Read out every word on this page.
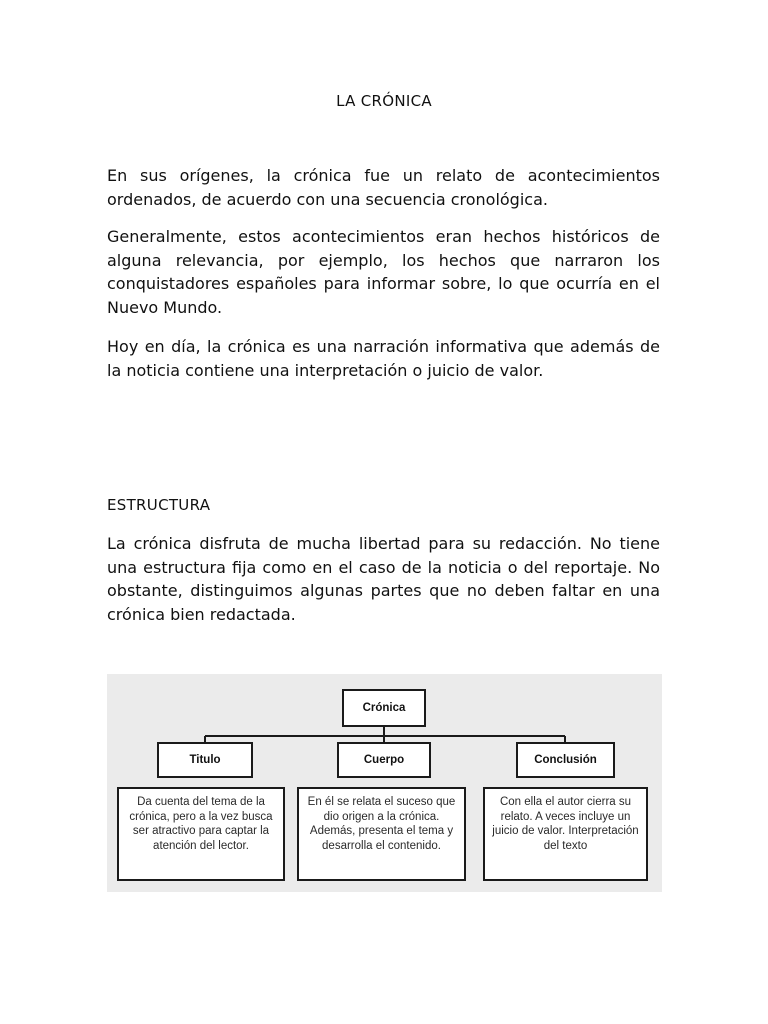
LA CRÓNICA

En sus orígenes, la crónica fue un relato de acontecimientos ordenados, de acuerdo con una secuencia cronológica.

Generalmente, estos acontecimientos eran hechos históricos de alguna relevancia, por ejemplo, los hechos que narraron los conquistadores españoles para informar sobre, lo que ocurría en el Nuevo Mundo.

Hoy en día, la crónica es una narración informativa que además de la noticia contiene una interpretación o juicio de valor.

ESTRUCTURA

La crónica disfruta de mucha libertad para su redacción. No tiene una estructura fija como en el caso de la noticia o del reportaje. No obstante, distinguimos algunas partes que no deben faltar en una crónica bien redactada.

Crónica
Titulo	Cuerpo	Conclusión
Da cuenta del tema de la crónica, pero a la vez busca ser atractivo para captar la atención del lector.
En él se relata el suceso que dio origen a la crónica. Además, presenta el tema y desarrolla el contenido.
Con ella el autor cierra su relato. A veces incluye un juicio de valor. Interpretación del texto
